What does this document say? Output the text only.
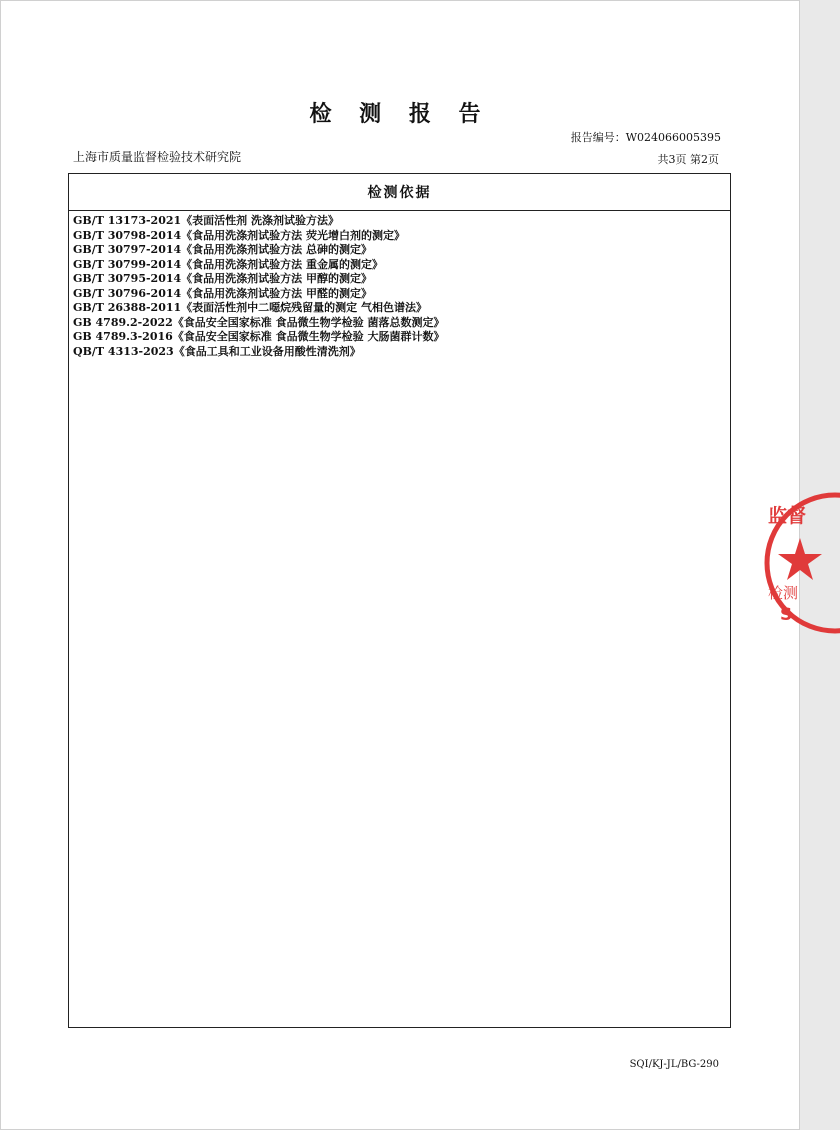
检 测 报 告
报告编号：W024066005395
上海市质量监督检验技术研究院	共3页 第2页
检测依据
GB/T 13173-2021《表面活性剂 洗涤剂试验方法》
GB/T 30798-2014《食品用洗涤剂试验方法 荧光增白剂的测定》
GB/T 30797-2014《食品用洗涤剂试验方法 总砷的测定》
GB/T 30799-2014《食品用洗涤剂试验方法 重金属的测定》
GB/T 30795-2014《食品用洗涤剂试验方法 甲醇的测定》
GB/T 30796-2014《食品用洗涤剂试验方法 甲醛的测定》
GB/T 26388-2011《表面活性剂中二噁烷残留量的测定 气相色谱法》
GB 4789.2-2022《食品安全国家标准 食品微生物学检验 菌落总数测定》
GB 4789.3-2016《食品安全国家标准 食品微生物学检验 大肠菌群计数》
QB/T 4313-2023《食品工具和工业设备用酸性清洗剂》
SQI/KJ-JL/BG-290
监督
检测
S
